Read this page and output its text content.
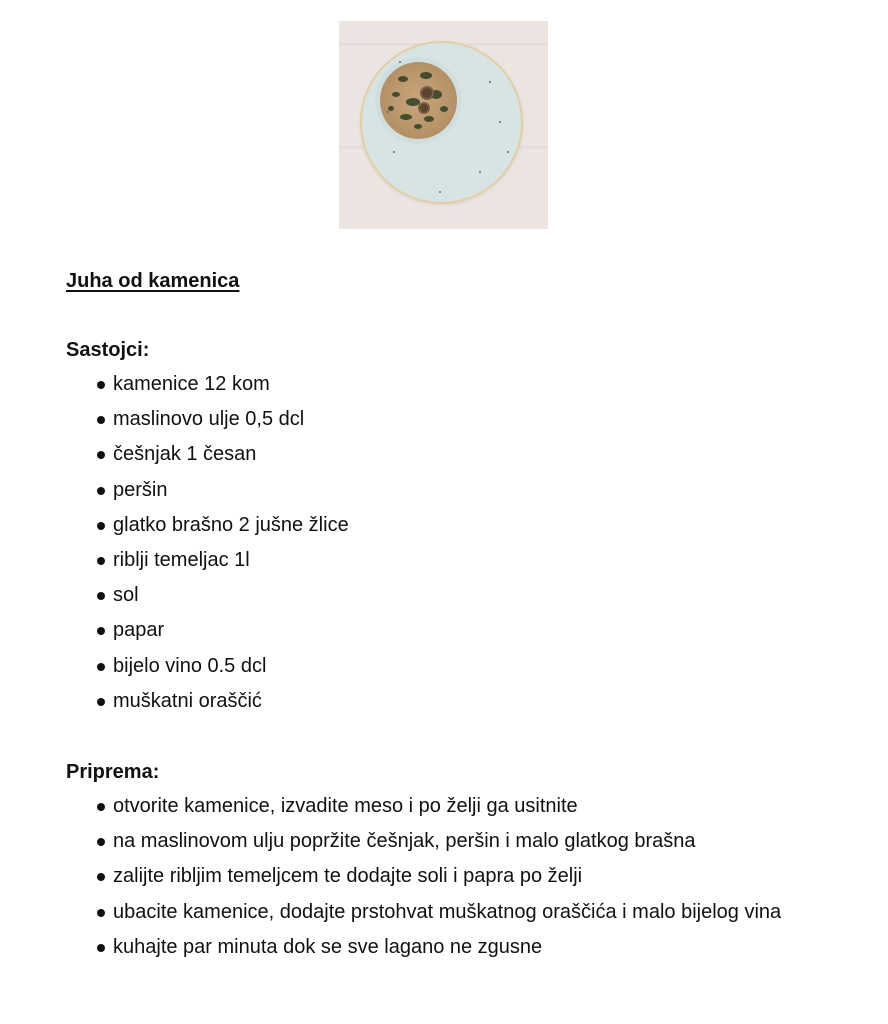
Juha od kamenica
Sastojci:
kamenice 12 kom
maslinovo ulje 0,5 dcl
češnjak 1 česan
peršin
glatko brašno 2 jušne žlice
riblji temeljac 1l
sol
papar
bijelo vino 0.5 dcl
muškatni oraščić
Priprema:
otvorite kamenice, izvadite meso i po želji ga usitnite
na maslinovom ulju popržite češnjak, peršin i malo glatkog brašna
zalijte ribljim temeljcem te dodajte soli i papra po želji
ubacite kamenice, dodajte prstohvat muškatnog oraščića i malo bijelog vina
kuhajte par minuta dok se sve lagano ne zgusne
